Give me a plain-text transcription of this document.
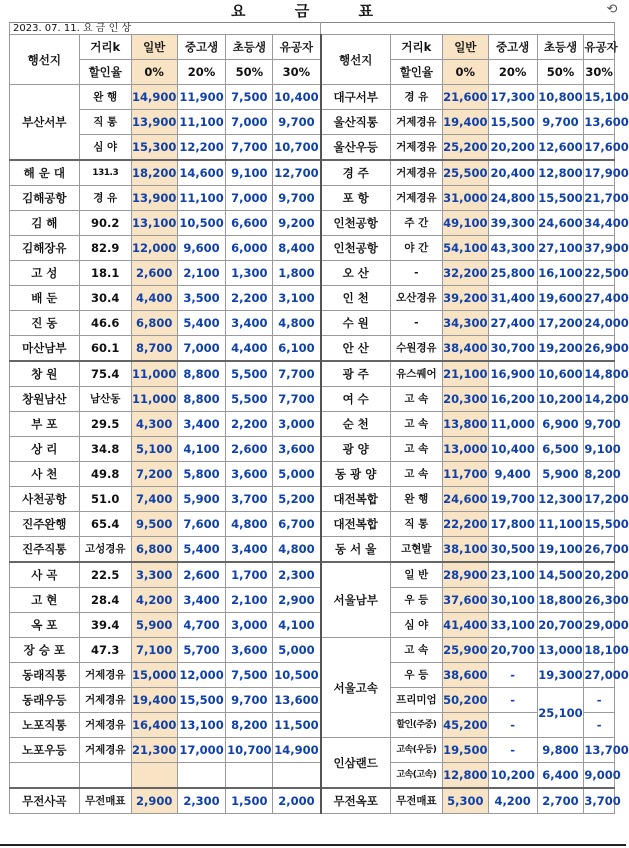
요 금 표	⟲
2023. 07. 11. 요 금 인 상											
행선지	거리k	일반	중고생	초등생	유공자	행선지	거리k	일반	중고생	초등생	유공자
	할인율	0%	20%	50%	30%		할인율	0%	20%	50%	30%
부산서부	완 행	14,900	11,900	7,500	10,400	대구서부	경 유	21,600	17,300	10,800	15,100
	직 통	13,900	11,100	7,000	9,700	울산직통	거제경유	19,400	15,500	9,700	13,600
	심 야	15,300	12,200	7,700	10,700	울산우등	거제경유	25,200	20,200	12,600	17,600
해 운 대	131.3	18,200	14,600	9,100	12,700	경 주	거제경유	25,500	20,400	12,800	17,900
김해공항	경 유	13,900	11,100	7,000	9,700	포 항	거제경유	31,000	24,800	15,500	21,700
김 해	90.2	13,100	10,500	6,600	9,200	인천공항	주 간	49,100	39,300	24,600	34,400
김해장유	82.9	12,000	9,600	6,000	8,400	인천공항	야 간	54,100	43,300	27,100	37,900
고 성	18.1	2,600	2,100	1,300	1,800	오 산	-	32,200	25,800	16,100	22,500
배 둔	30.4	4,400	3,500	2,200	3,100	인 천	오산경유	39,200	31,400	19,600	27,400
진 동	46.6	6,800	5,400	3,400	4,800	수 원	-	34,300	27,400	17,200	24,000
마산남부	60.1	8,700	7,000	4,400	6,100	안 산	수원경유	38,400	30,700	19,200	26,900
창 원	75.4	11,000	8,800	5,500	7,700	광 주	유스퀘어	21,100	16,900	10,600	14,800
창원남산	남산동	11,000	8,800	5,500	7,700	여 수	고 속	20,300	16,200	10,200	14,200
부 포	29.5	4,300	3,400	2,200	3,000	순 천	고 속	13,800	11,000	6,900	9,700
상 리	34.8	5,100	4,100	2,600	3,600	광 양	고 속	13,000	10,400	6,500	9,100
사 천	49.8	7,200	5,800	3,600	5,000	동 광 양	고 속	11,700	9,400	5,900	8,200
사천공항	51.0	7,400	5,900	3,700	5,200	대전복합	완 행	24,600	19,700	12,300	17,200
진주완행	65.4	9,500	7,600	4,800	6,700	대전복합	직 통	22,200	17,800	11,100	15,500
진주직통	고성경유	6,800	5,400	3,400	4,800	동 서 울	고현발	38,100	30,500	19,100	26,700
사 곡	22.5	3,300	2,600	1,700	2,300	서울남부	일 반	28,900	23,100	14,500	20,200
고 현	28.4	4,200	3,400	2,100	2,900		우 등	37,600	30,100	18,800	26,300
옥 포	39.4	5,900	4,700	3,000	4,100		심 야	41,400	33,100	20,700	29,000
장 승 포	47.3	7,100	5,700	3,600	5,000	서울고속	고 속	25,900	20,700	13,000	18,100
동래직통	거제경유	15,000	12,000	7,500	10,500		우 등	38,600	-	19,300	27,000
동래우등	거제경유	19,400	15,500	9,700	13,600		프리미엄	50,200	-	25,100	-
노포직통	거제경유	16,400	13,100	8,200	11,500		할인(주중)	45,200	-		-
노포우등	거제경유	21,300	17,000	10,700	14,900	인삼랜드	고속(우등)	19,500	-	9,800	13,700
							고속(고속)	12,800	10,200	6,400	9,000
무전사곡	무전매표	2,900	2,300	1,500	2,000	무전옥포	무전매표	5,300	4,200	2,700	3,700
